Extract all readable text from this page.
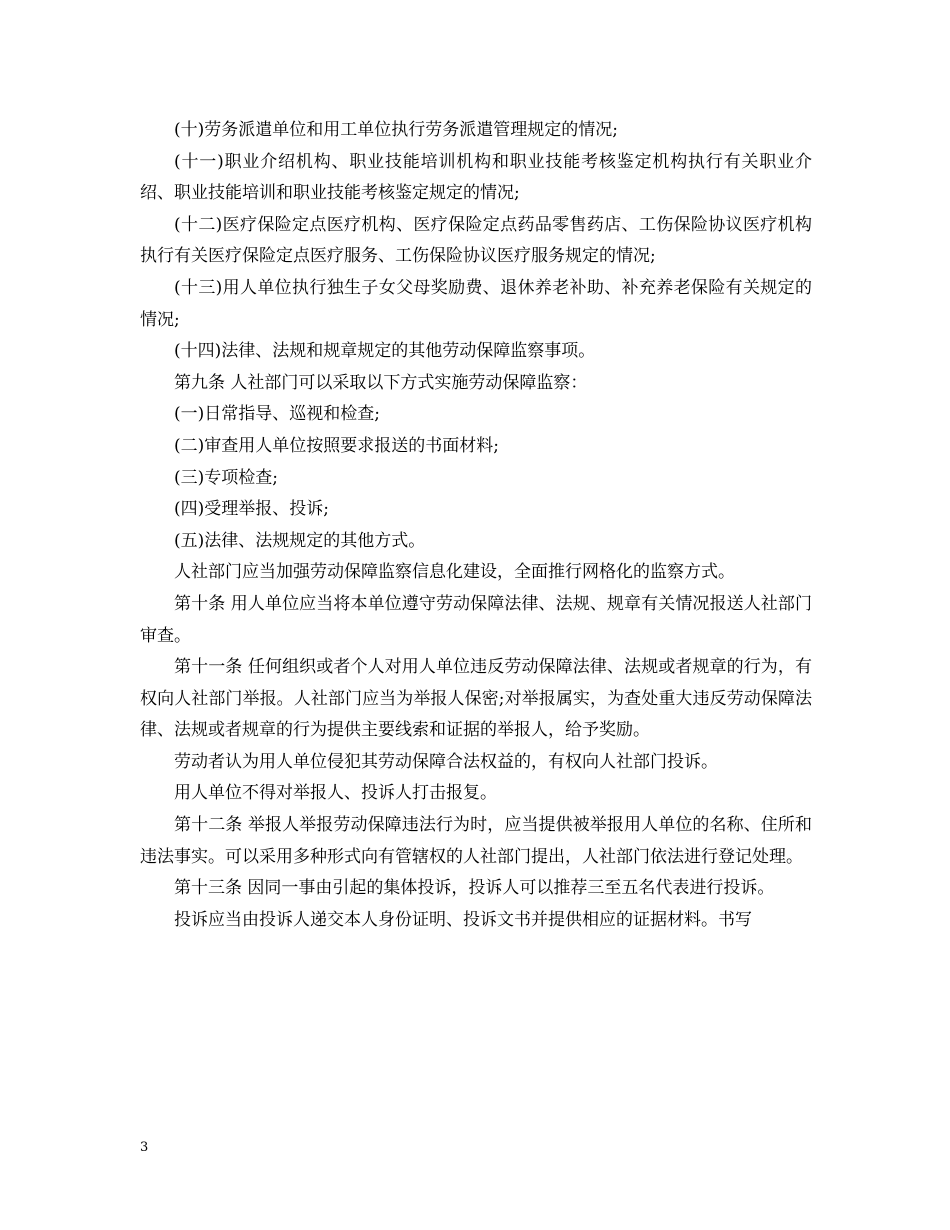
(十)劳务派遣单位和用工单位执行劳务派遣管理规定的情况;

(十一)职业介绍机构、职业技能培训机构和职业技能考核鉴定机构执行有关职业介绍、职业技能培训和职业技能考核鉴定规定的情况;

(十二)医疗保险定点医疗机构、医疗保险定点药品零售药店、工伤保险协议医疗机构执行有关医疗保险定点医疗服务、工伤保险协议医疗服务规定的情况;

(十三)用人单位执行独生子女父母奖励费、退休养老补助、补充养老保险有关规定的情况;

(十四)法律、法规和规章规定的其他劳动保障监察事项。

第九条 人社部门可以采取以下方式实施劳动保障监察：

(一)日常指导、巡视和检查;

(二)审查用人单位按照要求报送的书面材料;

(三)专项检查;

(四)受理举报、投诉;

(五)法律、法规规定的其他方式。

人社部门应当加强劳动保障监察信息化建设，全面推行网格化的监察方式。

第十条 用人单位应当将本单位遵守劳动保障法律、法规、规章有关情况报送人社部门审查。

第十一条 任何组织或者个人对用人单位违反劳动保障法律、法规或者规章的行为，有权向人社部门举报。人社部门应当为举报人保密;对举报属实，为查处重大违反劳动保障法律、法规或者规章的行为提供主要线索和证据的举报人，给予奖励。

劳动者认为用人单位侵犯其劳动保障合法权益的，有权向人社部门投诉。

用人单位不得对举报人、投诉人打击报复。

第十二条 举报人举报劳动保障违法行为时，应当提供被举报用人单位的名称、住所和违法事实。可以采用多种形式向有管辖权的人社部门提出，人社部门依法进行登记处理。

第十三条 因同一事由引起的集体投诉，投诉人可以推荐三至五名代表进行投诉。

投诉应当由投诉人递交本人身份证明、投诉文书并提供相应的证据材料。书写

3
